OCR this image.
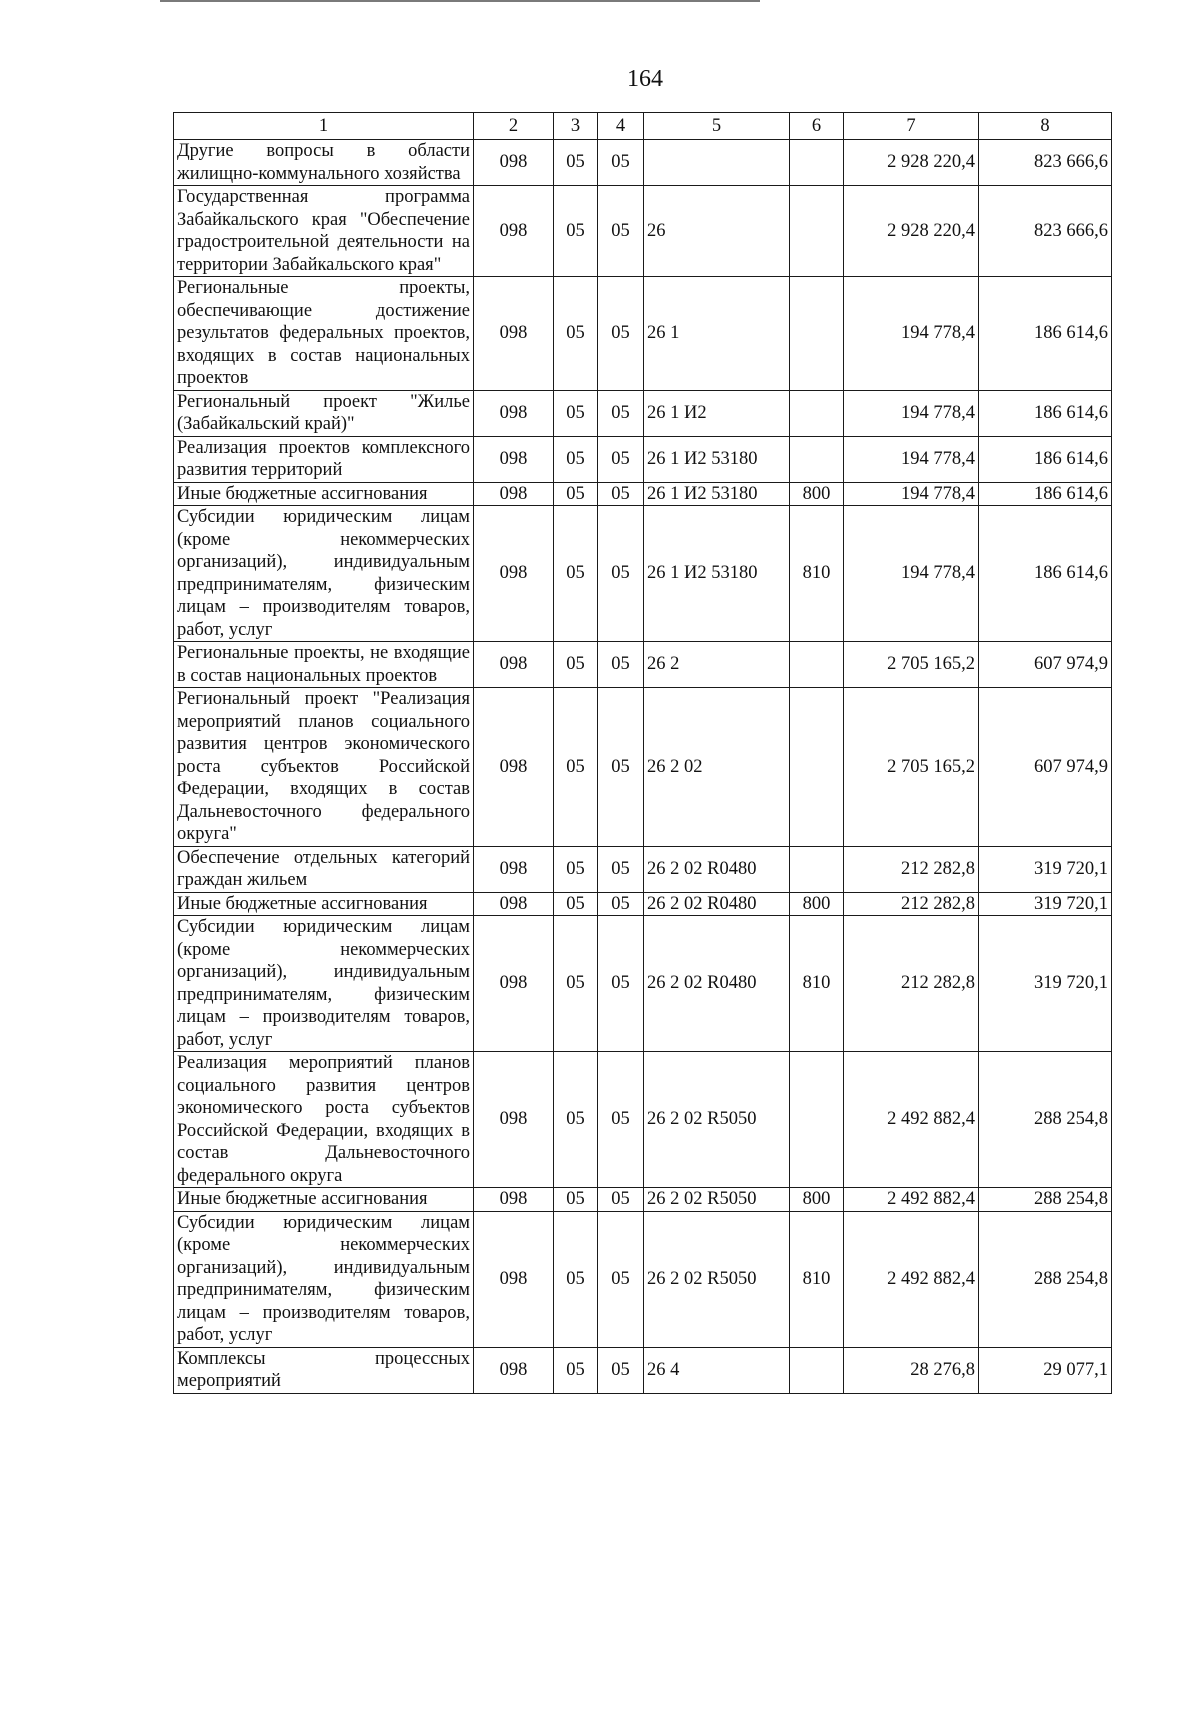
164
1	2	3	4	5	6	7	8
Другие вопросы в области жилищно-коммунального хозяйства	098	05	05			2 928 220,4	823 666,6
Государственная программа Забайкальского края "Обеспечение градостроительной деятельности на территории Забайкальского края"	098	05	05	26		2 928 220,4	823 666,6
Региональные проекты, обеспечивающие достижение результатов федеральных проектов, входящих в состав национальных проектов	098	05	05	26 1		194 778,4	186 614,6
Региональный проект "Жилье (Забайкальский край)"	098	05	05	26 1 И2		194 778,4	186 614,6
Реализация проектов комплексного развития территорий	098	05	05	26 1 И2 53180		194 778,4	186 614,6
Иные бюджетные ассигнования	098	05	05	26 1 И2 53180	800	194 778,4	186 614,6
Субсидии юридическим лицам (кроме некоммерческих организаций), индивидуальным предпринимателям, физическим лицам – производителям товаров, работ, услуг	098	05	05	26 1 И2 53180	810	194 778,4	186 614,6
Региональные проекты, не входящие в состав национальных проектов	098	05	05	26 2		2 705 165,2	607 974,9
Региональный проект "Реализация мероприятий планов социального развития центров экономического роста субъектов Российской Федерации, входящих в состав Дальневосточного федерального округа"	098	05	05	26 2 02		2 705 165,2	607 974,9
Обеспечение отдельных категорий граждан жильем	098	05	05	26 2 02 R0480		212 282,8	319 720,1
Иные бюджетные ассигнования	098	05	05	26 2 02 R0480	800	212 282,8	319 720,1
Субсидии юридическим лицам (кроме некоммерческих организаций), индивидуальным предпринимателям, физическим лицам – производителям товаров, работ, услуг	098	05	05	26 2 02 R0480	810	212 282,8	319 720,1
Реализация мероприятий планов социального развития центров экономического роста субъектов Российской Федерации, входящих в состав Дальневосточного федерального округа	098	05	05	26 2 02 R5050		2 492 882,4	288 254,8
Иные бюджетные ассигнования	098	05	05	26 2 02 R5050	800	2 492 882,4	288 254,8
Субсидии юридическим лицам (кроме некоммерческих организаций), индивидуальным предпринимателям, физическим лицам – производителям товаров, работ, услуг	098	05	05	26 2 02 R5050	810	2 492 882,4	288 254,8
Комплексы процессных мероприятий	098	05	05	26 4		28 276,8	29 077,1
